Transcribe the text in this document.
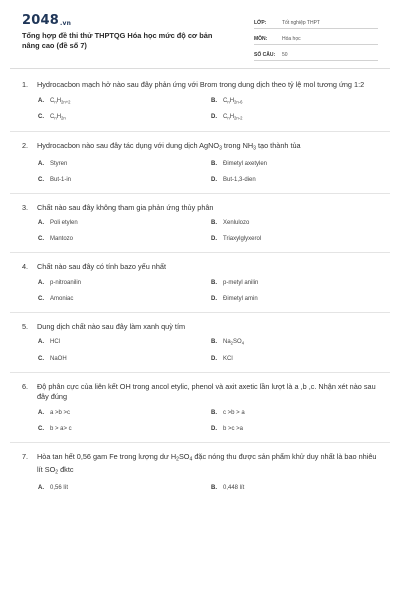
2048.vn
Tổng hợp đề thi thử THPTQG Hóa học mức độ cơ bản nâng cao (đề số 7)
LỚP:	Tốt nghiệp THPT
MÔN:	Hóa học
SỐ CÂU:	50
1.	Hydrocacbon mạch hở nào sau đây phản ứng với Brom trong dung dịch theo tỷ lệ mol tương ứng 1:2
A.	$C_nH_{2n+2}$	B.	$C_nH_{2n-6}$
C.	$C_nH_{2n}$	D.	$C_nH_{2n-2}$
2.	Hydrocacbon nào sau đây tác dụng với dung dịch AgNO$_3$ trong $NH_3$ tạo thành tủa
A.	Styren	B.	Đimetyl axetylen
C.	But-1-in	D.	But-1,3-dien
3.	Chất nào sau đây không tham gia phản ứng thủy phân
A.	Poli etylen	B.	Xenlulozo
C.	Mantozo	D.	Triaxylglyxerol
4.	Chất nào sau đây có tính bazo yếu nhất
A.	p-nitroanilin	B.	p-metyl anilin
C.	Amoniac	D.	Đimetyl amin
5.	Dung dịch chất nào sau đây làm xanh quỳ tím
A.	HCl	B.	$Na_2SO_4$
C.	NaOH	D.	KCl
6.	Độ phân cực của liên kết OH trong ancol etylic, phenol và axit axetic lần lượt là a ,b ,c. Nhận xét nào sau đây đúng
A.	a >b >c	B.	c >b > a
C.	b > a> c	D.	b >c >a
7.	Hòa tan hết 0,56 gam Fe trong lượng dư $H_2SO_4$ đặc nóng thu được sản phẩm khử duy nhất là bao nhiêu lít $SO_2$ đktc
A.	0,56 lít	B.	0,448 lít
